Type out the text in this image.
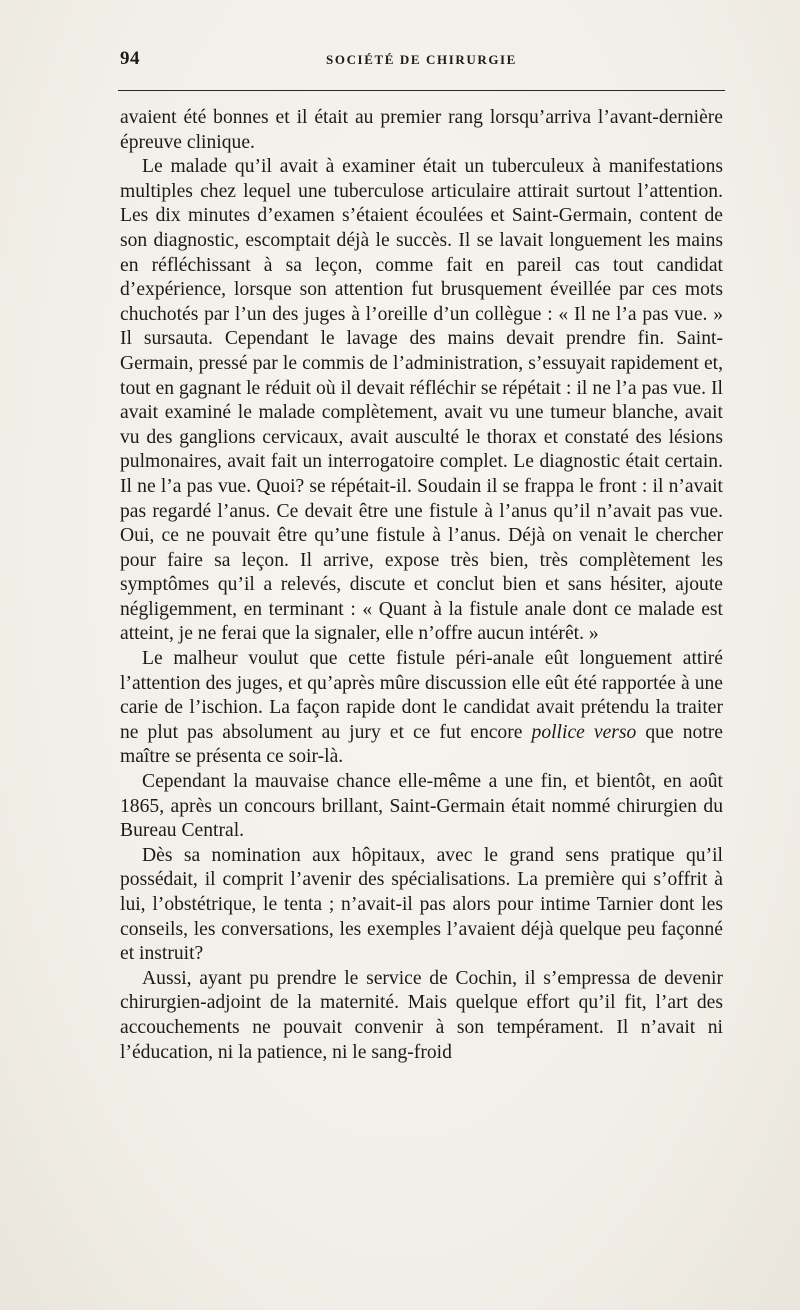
94	SOCIÉTÉ DE CHIRURGIE

avaient été bonnes et il était au premier rang lorsqu’arriva l’avant-dernière épreuve clinique.

Le malade qu’il avait à examiner était un tuberculeux à manifestations multiples chez lequel une tuberculose articulaire attirait surtout l’attention. Les dix minutes d’examen s’étaient écoulées et Saint-Germain, content de son diagnostic, escomptait déjà le succès. Il se lavait longuement les mains en réfléchissant à sa leçon, comme fait en pareil cas tout candidat d’expérience, lorsque son attention fut brusquement éveillée par ces mots chuchotés par l’un des juges à l’oreille d’un collègue : « Il ne l’a pas vue. » Il sursauta. Cependant le lavage des mains devait prendre fin. Saint-Germain, pressé par le commis de l’administration, s’essuyait rapidement et, tout en gagnant le réduit où il devait réfléchir se répétait : il ne l’a pas vue. Il avait examiné le malade complètement, avait vu une tumeur blanche, avait vu des ganglions cervicaux, avait ausculté le thorax et constaté des lésions pulmonaires, avait fait un interrogatoire complet. Le diagnostic était certain. Il ne l’a pas vue. Quoi? se répétait-il. Soudain il se frappa le front : il n’avait pas regardé l’anus. Ce devait être une fistule à l’anus qu’il n’avait pas vue. Oui, ce ne pouvait être qu’une fistule à l’anus. Déjà on venait le chercher pour faire sa leçon. Il arrive, expose très bien, très complètement les symptômes qu’il a relevés, discute et conclut bien et sans hésiter, ajoute négligemment, en terminant : « Quant à la fistule anale dont ce malade est atteint, je ne ferai que la signaler, elle n’offre aucun intérêt. »

Le malheur voulut que cette fistule péri-anale eût longuement attiré l’attention des juges, et qu’après mûre discussion elle eût été rapportée à une carie de l’ischion. La façon rapide dont le candidat avait prétendu la traiter ne plut pas absolument au jury et ce fut encore pollice verso que notre maître se présenta ce soir-là.

Cependant la mauvaise chance elle-même a une fin, et bientôt, en août 1865, après un concours brillant, Saint-Germain était nommé chirurgien du Bureau Central.

Dès sa nomination aux hôpitaux, avec le grand sens pratique qu’il possédait, il comprit l’avenir des spécialisations. La première qui s’offrit à lui, l’obstétrique, le tenta ; n’avait-il pas alors pour intime Tarnier dont les conseils, les conversations, les exemples l’avaient déjà quelque peu façonné et instruit?

Aussi, ayant pu prendre le service de Cochin, il s’empressa de devenir chirurgien-adjoint de la maternité. Mais quelque effort qu’il fit, l’art des accouchements ne pouvait convenir à son tempérament. Il n’avait ni l’éducation, ni la patience, ni le sang-froid
